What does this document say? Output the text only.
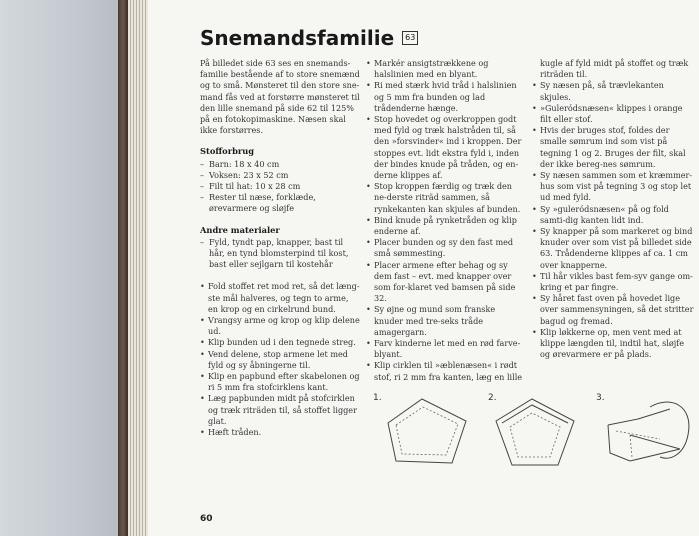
Snemandsfamilie	63

På billedet side 63 ses en snemands-familie bestående af to store snemænd og to små. Mønsteret til den store sne-mand fås ved at forstørre mønsteret til den lille snemand på side 62 til 125% på en fotokopimaskine. Næsen skal ikke forstørres.

Stofforbrug
– Barn: 18 x 40 cm
– Voksen: 23 x 52 cm
– Filt til hat: 10 x 28 cm
– Rester til næse, forklæde, ørevarmere og sløjfe
Andre materialer
– Fyld, tyndt pap, knapper, bast til hår, en tynd blomsterpind til kost, bast eller sejlgarn til kostehår
• Fold stoffet ret mod ret, så det læng-ste mål halveres, og tegn to arme, en krop og en cirkelrund bund.
• Vrangsy arme og krop og klip delene ud.
• Klip bunden ud i den tegnede streg.
• Vend delene, stop armene let med fyld og sy åbningerne til.
• Klip en papbund efter skabelonen og ri 5 mm fra stofcirklens kant.
• Læg papbunden midt på stofcirklen og træk riträden til, så stoffet ligger glat.
• Hæft tråden.
• Markér ansigtstrækkene og halslinien med en blyant.
• Ri med stærk hvid tråd i halslinien og 5 mm fra bunden og lad trådenderne hænge.
• Stop hovedet og overkroppen godt med fyld og træk halstråden til, så den »forsvinder« ind i kroppen. Der stoppes evt. lidt ekstra fyld i, inden der bindes knude på tråden, og en-derne klippes af.
• Stop kroppen færdig og træk den ne-derste riträd sammen, så rynkekanten kan skjules af bunden.
• Bind knude på rynketråden og klip enderne af.
• Placer bunden og sy den fast med små sømmesting.
• Placer armene efter behag og sy dem fast – evt. med knapper over som for-klaret ved bamsen på side 32.
• Sy øjne og mund som franske knuder med tre-seks tråde amagergarn.
• Farv kinderne let med en rød farve-blyant.
• Klip cirklen til »æblenæsen« i rødt stof, ri 2 mm fra kanten, læg en lille

kugle af fyld midt på stoffet og træk riträden til.

• Sy næsen på, så trævlekanten skjules.
• »Guleródsnæsen« klippes i orange filt eller stof.
• Hvis der bruges stof, foldes der smalle sømrum ind som vist på tegning 1 og 2. Bruges der filt, skal der ikke bereg-nes sømrum.
• Sy næsen sammen som et kræmmer-hus som vist på tegning 3 og stop let ud med fyld.
• Sy »guleródsnæsen« på og fold samti-dig kanten lidt ind.
• Sy knapper på som markeret og bind knuder over som vist på billedet side 63. Trådenderne klippes af ca. 1 cm over knapperne.
• Til hår vikles bast fem-syv gange om-kring et par fingre.
• Sy håret fast oven på hovedet lige over sammensyningen, så det stritter bagud og fremad.
• Klip løkkerne op, men vent med at klippe længden til, indtil hat, sløjfe og ørevarmere er på plads.
1.	2.	3.
60
